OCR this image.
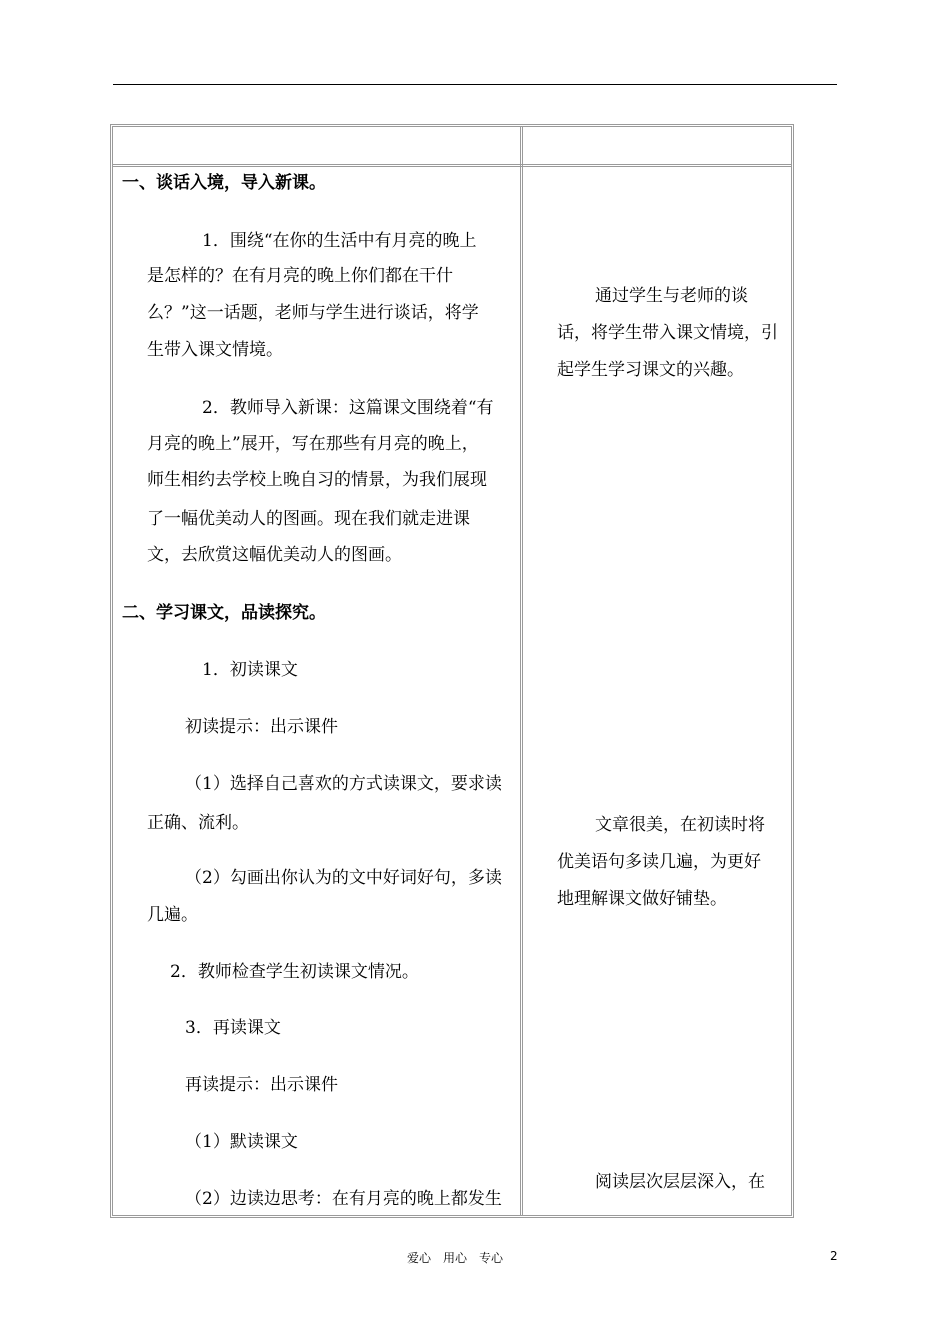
一、谈话入境，导入新课。
1．围绕“在你的生活中有月亮的晚上
是怎样的？在有月亮的晚上你们都在干什
么？”这一话题，老师与学生进行谈话，将学
生带入课文情境。
2．教师导入新课：这篇课文围绕着“有
月亮的晚上”展开，写在那些有月亮的晚上，
师生相约去学校上晚自习的情景，为我们展现
了一幅优美动人的图画。现在我们就走进课
文，去欣赏这幅优美动人的图画。
二、学习课文，品读探究。
1．初读课文
初读提示：出示课件
（1）选择自己喜欢的方式读课文，要求读
正确、流利。
（2）勾画出你认为的文中好词好句，多读
几遍。
2．教师检查学生初读课文情况。
3．再读课文
再读提示：出示课件
（1）默读课文
（2）边读边思考：在有月亮的晚上都发生
通过学生与老师的谈
话，将学生带入课文情境，引
起学生学习课文的兴趣。
文章很美，在初读时将
优美语句多读几遍，为更好
地理解课文做好铺垫。
阅读层次层层深入，在
爱心　用心　专心	2
